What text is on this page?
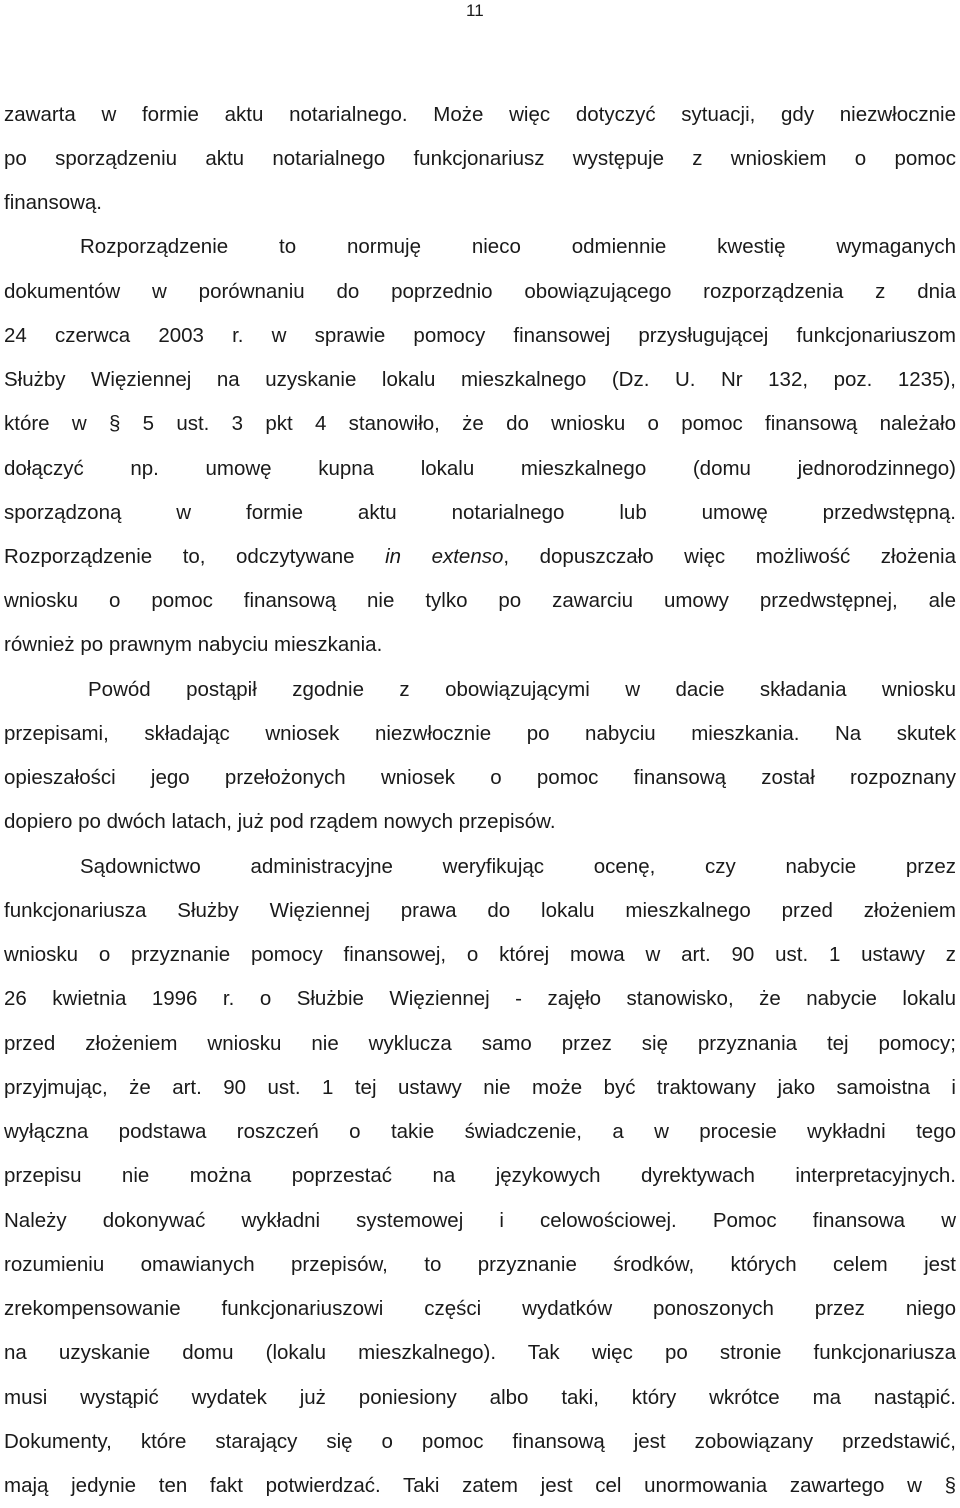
11
zawarta w formie aktu notarialnego. Może więc dotyczyć sytuacji, gdy niezwłocznie
po sporządzeniu aktu notarialnego funkcjonariusz występuje z wnioskiem o pomoc
finansową.
Rozporządzenie to normuję nieco odmiennie kwestię wymaganych
dokumentów w porównaniu do poprzednio obowiązującego rozporządzenia z dnia
24 czerwca 2003 r. w sprawie pomocy finansowej przysługującej funkcjonariuszom
Służby Więziennej na uzyskanie lokalu mieszkalnego (Dz. U. Nr 132, poz. 1235),
które w § 5 ust. 3 pkt 4 stanowiło, że do wniosku o pomoc finansową należało
dołączyć np. umowę kupna lokalu mieszkalnego (domu jednorodzinnego)
sporządzoną w formie aktu notarialnego lub umowę przedwstępną.
Rozporządzenie to, odczytywane in extenso, dopuszczało więc możliwość złożenia
wniosku o pomoc finansową nie tylko po zawarciu umowy przedwstępnej, ale
również po prawnym nabyciu mieszkania.
Powód postąpił zgodnie z obowiązującymi w dacie składania wniosku
przepisami, składając wniosek niezwłocznie po nabyciu mieszkania. Na skutek
opieszałości jego przełożonych wniosek o pomoc finansową został rozpoznany
dopiero po dwóch latach, już pod rządem nowych przepisów.
Sądownictwo administracyjne weryfikując ocenę, czy nabycie przez
funkcjonariusza Służby Więziennej prawa do lokalu mieszkalnego przed złożeniem
wniosku o przyznanie pomocy finansowej, o której mowa w art. 90 ust. 1 ustawy z
26 kwietnia 1996 r. o Służbie Więziennej - zajęło stanowisko, że nabycie lokalu
przed złożeniem wniosku nie wyklucza samo przez się przyznania tej pomocy;
przyjmując, że art. 90 ust. 1 tej ustawy nie może być traktowany jako samoistna i
wyłączna podstawa roszczeń o takie świadczenie, a w procesie wykładni tego
przepisu nie można poprzestać na językowych dyrektywach interpretacyjnych.
Należy dokonywać wykładni systemowej i celowościowej. Pomoc finansowa w
rozumieniu omawianych przepisów, to przyznanie środków, których celem jest
zrekompensowanie funkcjonariuszowi części wydatków ponoszonych przez niego
na uzyskanie domu (lokalu mieszkalnego). Tak więc po stronie funkcjonariusza
musi wystąpić wydatek już poniesiony albo taki, który wkrótce ma nastąpić.
Dokumenty, które starający się o pomoc finansową jest zobowiązany przedstawić,
mają jedynie ten fakt potwierdzać. Taki zatem jest cel unormowania zawartego w §
